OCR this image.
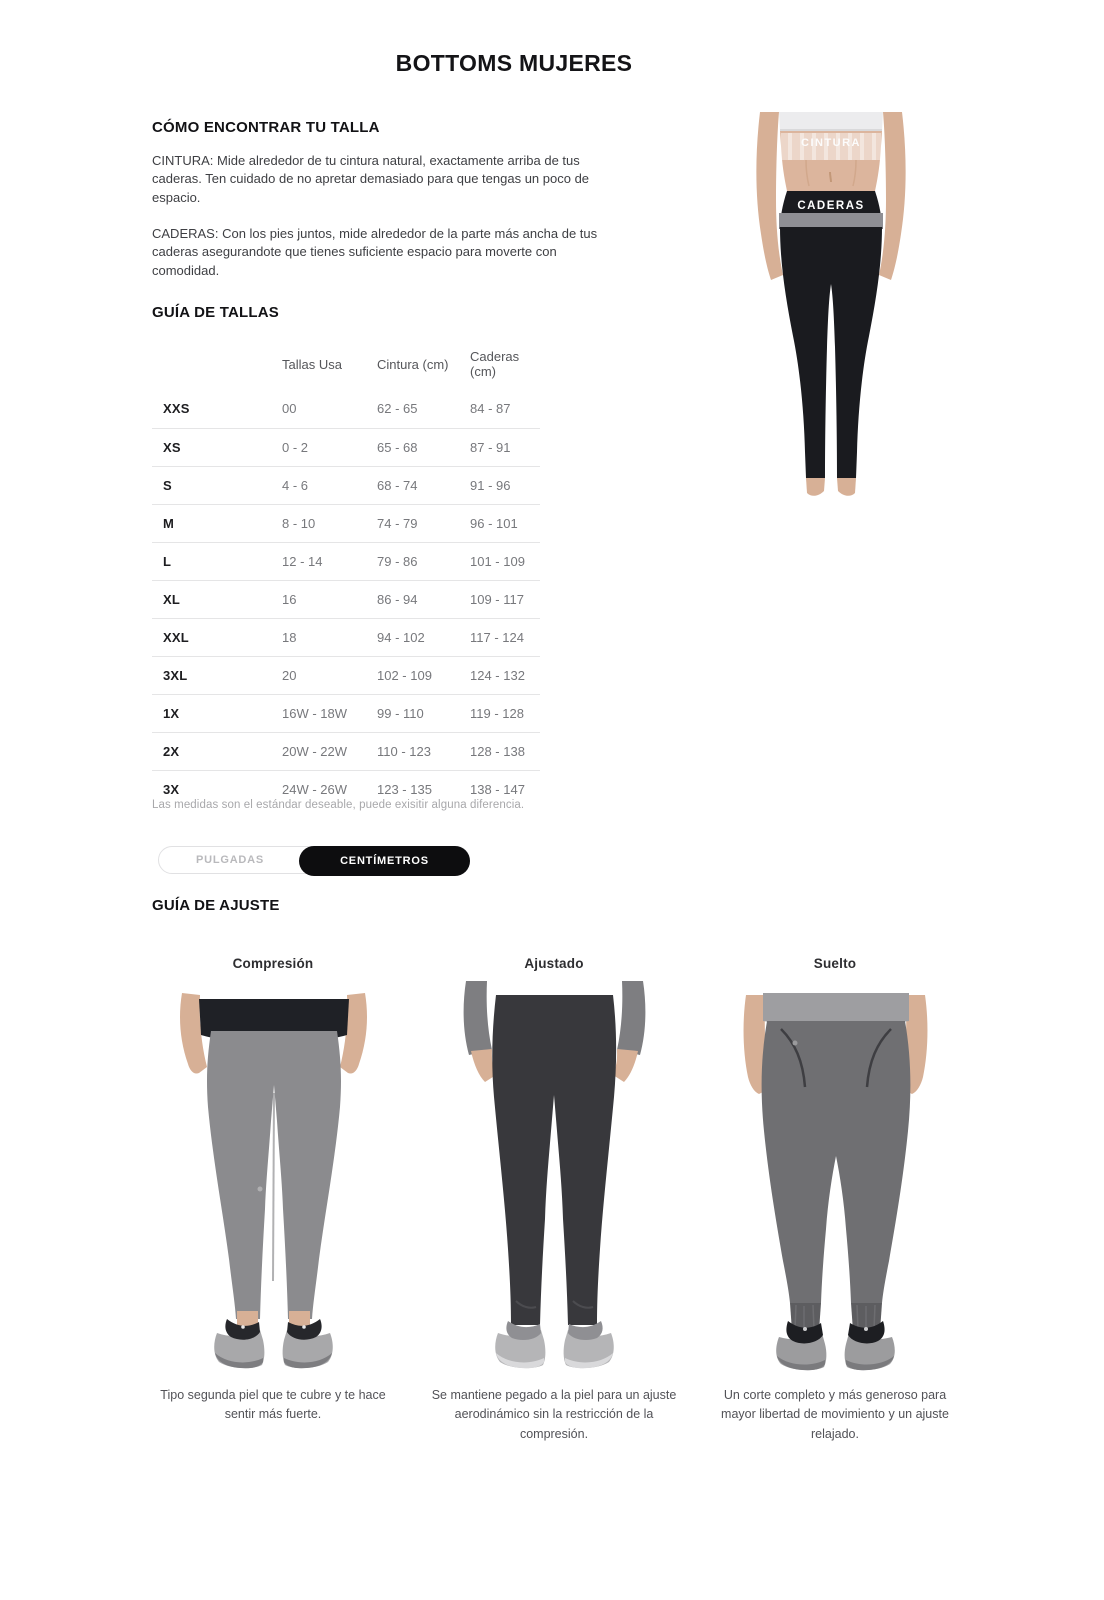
BOTTOMS MUJERES
CÓMO ENCONTRAR TU TALLA

CINTURA: Mide alrededor de tu cintura natural, exactamente arriba de tus caderas. Ten cuidado de no apretar demasiado para que tengas un poco de espacio.

CADERAS: Con los pies juntos, mide alrededor de la parte más ancha de tus caderas asegurandote que tienes suficiente espacio para moverte con comodidad.

CINTURA
CADERAS
GUÍA DE TALLAS
	Tallas Usa	Cintura (cm)	Caderas (cm)
XXS	00	62 - 65	84 - 87
XS	0 - 2	65 - 68	87 - 91
S	4 - 6	68 - 74	91 - 96
M	8 - 10	74 - 79	96 - 101
L	12 - 14	79 - 86	101 - 109
XL	16	86 - 94	109 - 117
XXL	18	94 - 102	117 - 124
3XL	20	102 - 109	124 - 132
1X	16W - 18W	99 - 110	119 - 128
2X	20W - 22W	110 - 123	128 - 138
3X	24W - 26W	123 - 135	138 - 147

Las medidas son el estándar deseable, puede exisitir alguna diferencia.

PULGADAS	CENTÍMETROS
GUÍA DE AJUSTE
Compresión

Tipo segunda piel que te cubre y te hace sentir más fuerte.

Ajustado

Se mantiene pegado a la piel para un ajuste aerodinámico sin la restricción de la compresión.

Suelto

Un corte completo y más generoso para mayor libertad de movimiento y un ajuste relajado.
